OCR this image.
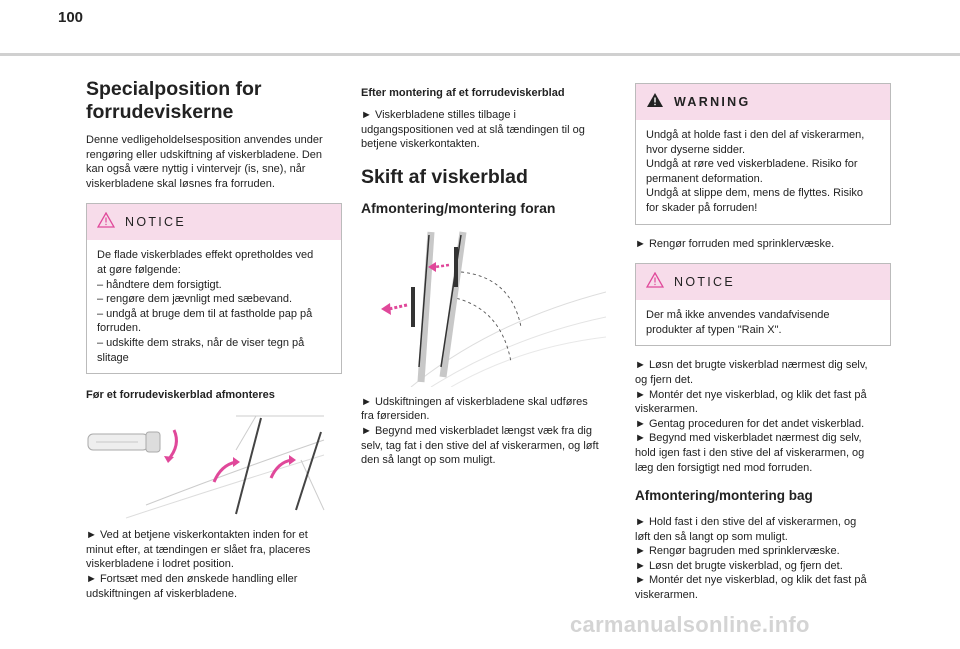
100
Specialposition for forrudeviskerne

Denne vedligeholdelsesposition anvendes under
rengøring eller udskiftning af viskerbladene. Den
kan også være nyttig i vintervejr (is, sne), når
viskerbladene skal løsnes fra forruden.

NOTICE

De flade viskerblades effekt opretholdes ved
at gøre følgende:
– håndtere dem forsigtigt.
– rengøre dem jævnligt med sæbevand.
– undgå at bruge dem til at fastholde pap på
forruden.
– udskifte dem straks, når de viser tegn på
slitage

Før et forrudeviskerblad afmonteres

► Ved at betjene viskerkontakten inden for et
minut efter, at tændingen er slået fra, placeres
viskerbladene i lodret position.
► Fortsæt med den ønskede handling eller
udskiftningen af viskerbladene.

Efter montering af et forrudeviskerblad

► Viskerbladene stilles tilbage i
udgangspositionen ved at slå tændingen til og
betjene viskerkontakten.

Skift af viskerblad
Afmontering/montering foran

► Udskiftningen af viskerbladene skal udføres
fra førersiden.
► Begynd med viskerbladet længst væk fra dig
selv, tag fat i den stive del af viskerarmen, og løft
den så langt op som muligt.

WARNING

Undgå at holde fast i den del af viskerarmen,
hvor dyserne sidder.
Undgå at røre ved viskerbladene. Risiko for
permanent deformation.
Undgå at slippe dem, mens de flyttes. Risiko
for skader på forruden!

► Rengør forruden med sprinklervæske.

NOTICE

Der må ikke anvendes vandafvisende
produkter af typen "Rain X".

► Løsn det brugte viskerblad nærmest dig selv,
og fjern det.
► Montér det nye viskerblad, og klik det fast på
viskerarmen.
► Gentag proceduren for det andet viskerblad.
► Begynd med viskerbladet nærmest dig selv,
hold igen fast i den stive del af viskerarmen, og
læg den forsigtigt ned mod forruden.

Afmontering/montering bag

► Hold fast i den stive del af viskerarmen, og
løft den så langt op som muligt.
► Rengør bagruden med sprinklervæske.
► Løsn det brugte viskerblad, og fjern det.
► Montér det nye viskerblad, og klik det fast på
viskerarmen.

carmanualsonline.info
